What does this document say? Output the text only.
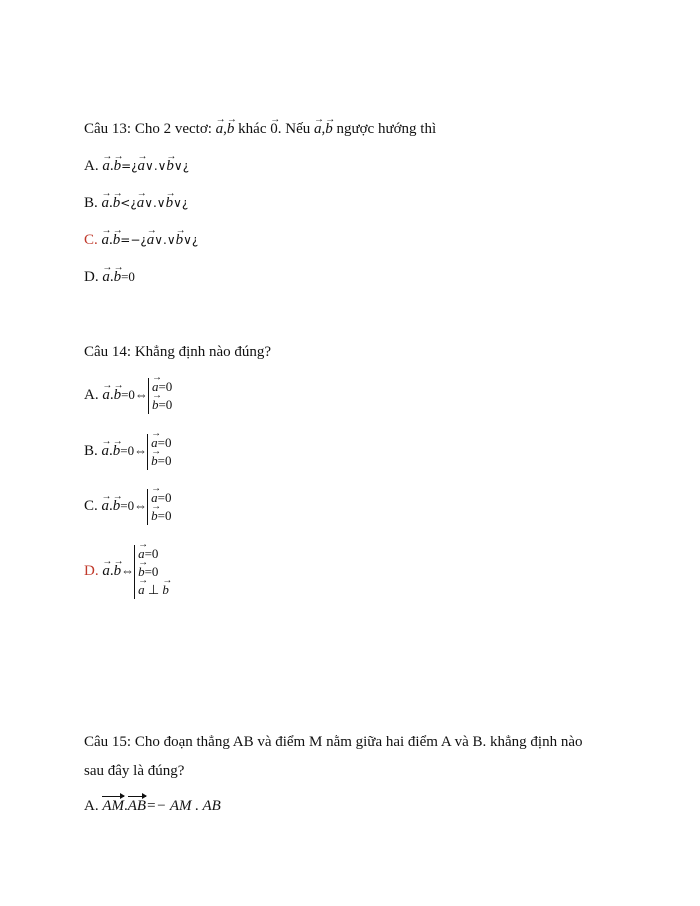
Câu 13: Cho 2 vectơ: → a,→ b khác → 0. Nếu → a,→ b ngược hướng thì
A. → a.→ b=¿→ a∨.∨→ b∨¿
B. → a.→ b<¿→ a∨.∨→ b∨¿
C. → a.→ b=−¿→ a∨.∨→ b∨¿
D. → a.→ b=0
Câu 14: Khẳng định nào đúng?
A. → a.→ b=0⇔
→ a=0
→ b=0
B. → a.→ b=0⇔
→ a=0
→ b=0
C. → a.→ b=0⇔
→ a=0
→ b=0
D. → a.→ b⇔
→ a=0
→ b=0
→ a ⊥ → b
Câu 15: Cho đoạn thẳng AB và điểm M nằm giữa hai điểm A và B. khẳng định nào
sau đây là đúng?
A. AM.AB=− AM . AB
